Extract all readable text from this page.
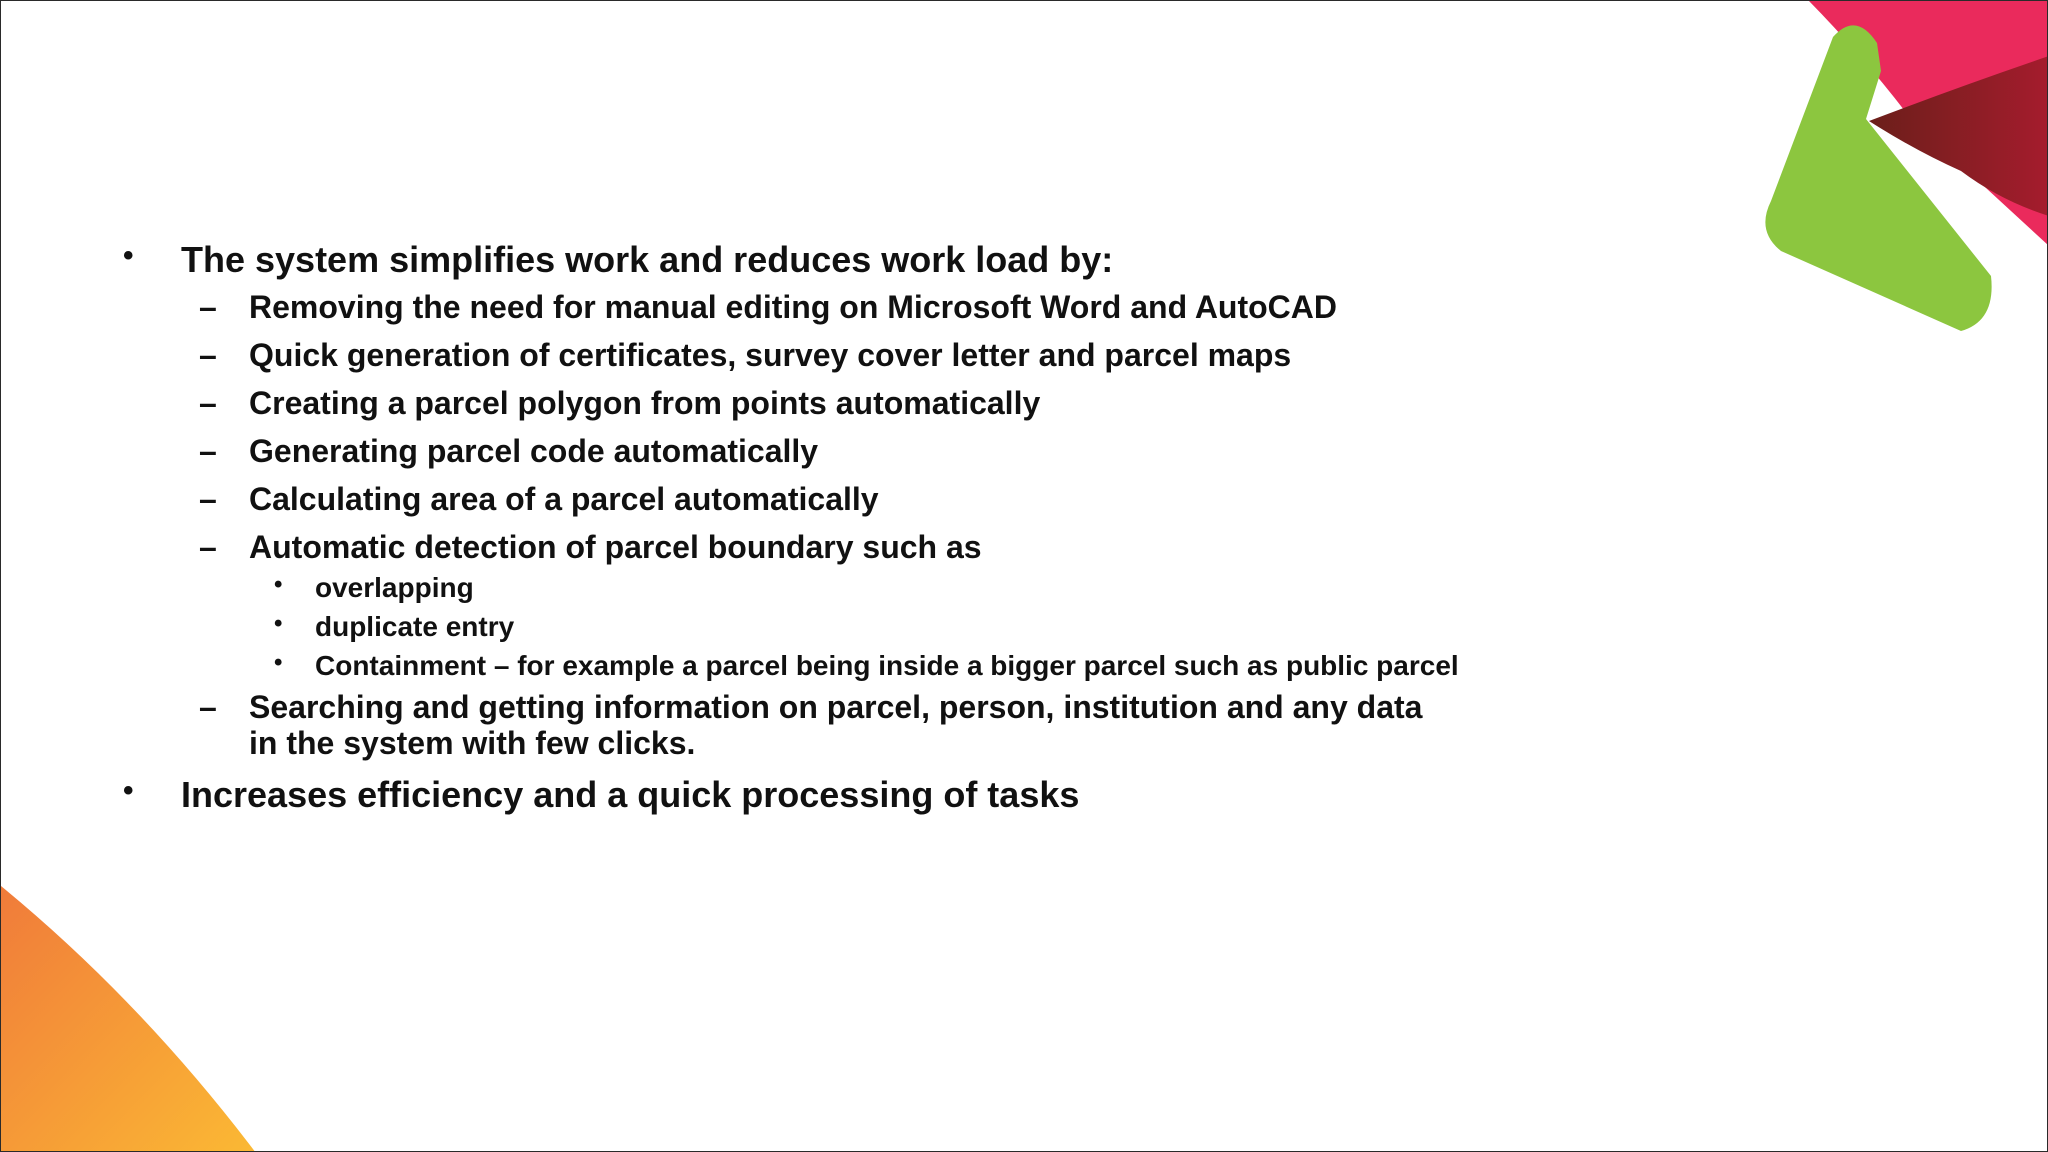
• The system simplifies work and reduces work load by:
– Removing the need for manual editing on Microsoft Word and AutoCAD
– Quick generation of certificates, survey cover letter and parcel maps
– Creating a parcel polygon from points automatically
– Generating parcel code automatically
– Calculating area of a parcel automatically
– Automatic detection of parcel boundary such as
• overlapping
• duplicate entry
• Containment – for example a parcel being inside a bigger parcel such as public parcel
– Searching and getting information on parcel, person, institution and any data in the system with few clicks.
• Increases efficiency and a quick processing of tasks
